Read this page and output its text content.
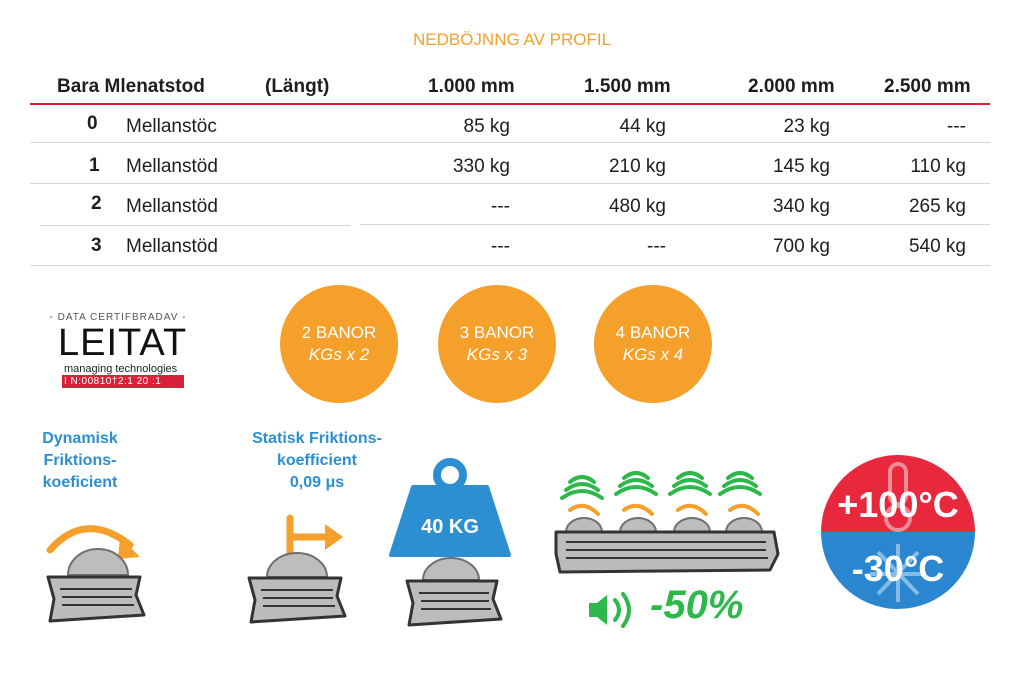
NEDBÖJNNG AV PROFIL
Bara Mlenatstod	(Längt)	1.000 mm	1.500 mm	2.000 mm	2.500 mm
0 Mellanstöc	85 kg	44 kg	23 kg	---
1 Mellanstöd	330 kg	210 kg	145 kg	110 kg
2 Mellanstöd	---	480 kg	340 kg	265 kg
3 Mellanstöd	---	---	700 kg	540 kg
- DATA CERTIFBRADAV -
LEITAT
managing technologies
I N:00810†2:1 20 :1
2 BANOR
KGs x 2
3 BANOR
KGs x 3
4 BANOR
KGs x 4
Dynamisk
Friktions-
koeficient
Statisk Friktions-
koefficient
0,09 μs
40 KG
-50%
+100°C
-30°C
